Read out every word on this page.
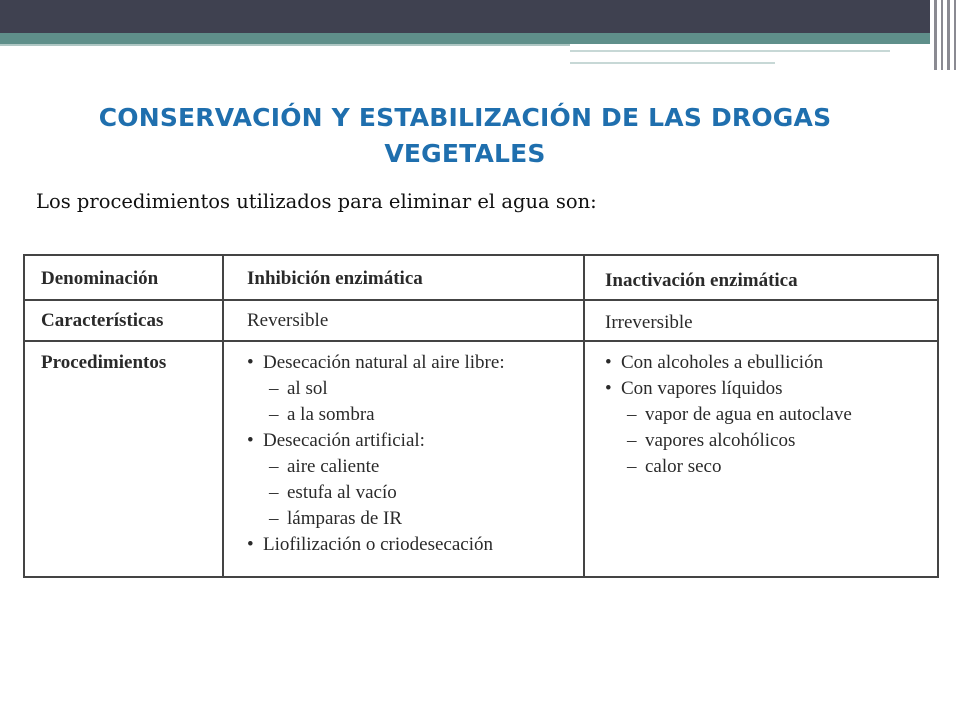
CONSERVACIÓN Y ESTABILIZACIÓN DE LAS DROGAS
VEGETALES

Los procedimientos utilizados para eliminar el agua son:

Denominación	Inhibición enzimática	Inactivación enzimática
Características	Reversible	Irreversible
Procedimientos
•	Desecación natural al aire libre:
– al sol
– a la sombra
• Desecación artificial:
– aire caliente
– estufa al vacío
– lámparas de IR
• Liofilización o criodesecación
• Con alcoholes a ebullición
• Con vapores líquidos
– vapor de agua en autoclave
– vapores alcohólicos
– calor seco
